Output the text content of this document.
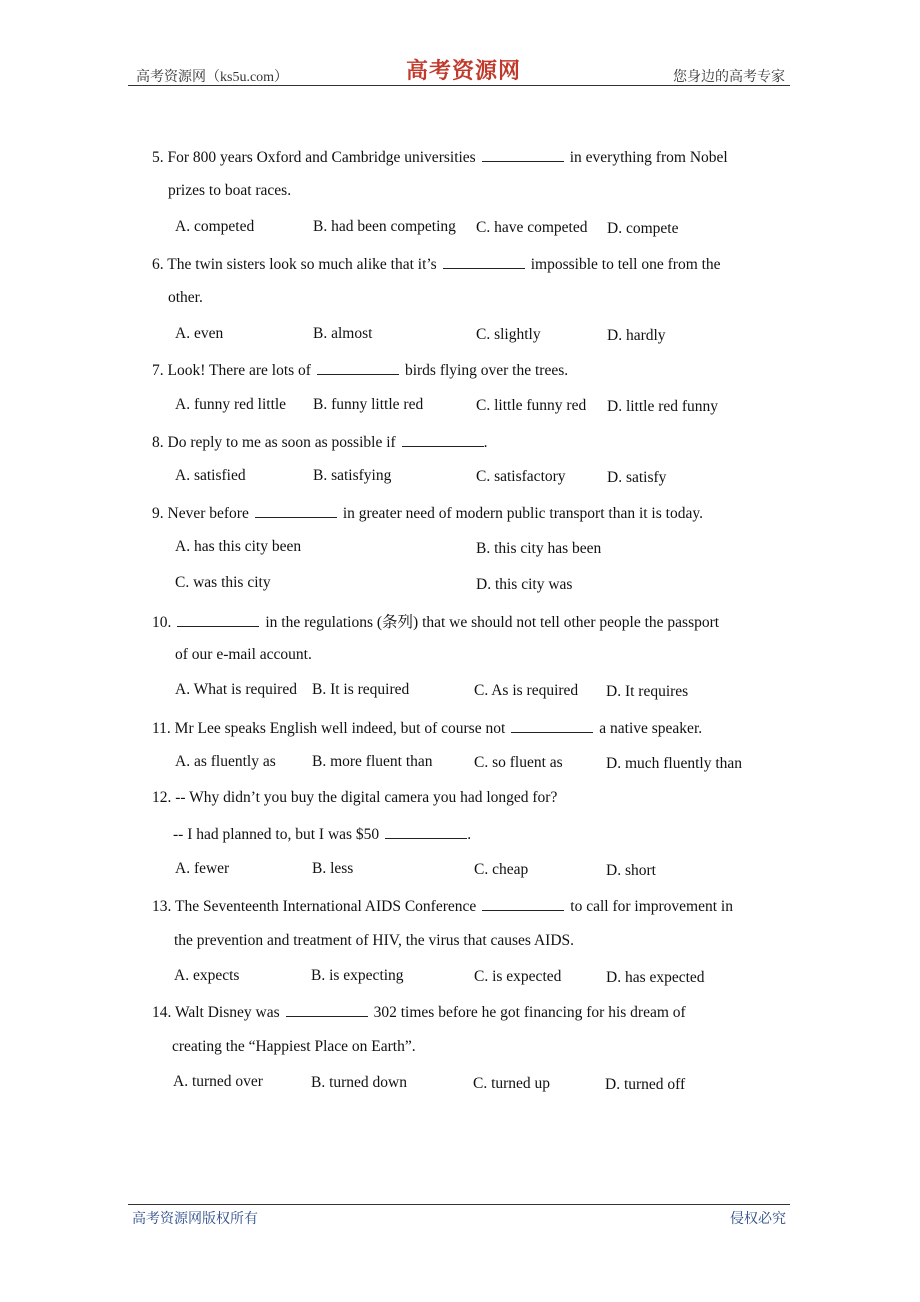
高考资源网（ks5u.com）	高考资源网	您身边的高考专家
5. For 800 years Oxford and Cambridge universities	in everything from Nobel
prizes to boat races.
A. competed	B. had been competing C. have competed D. compete
6. The twin sisters look so much alike that it’s	impossible to tell one from the
other.
A. even	B. almost	C. slightly	D. hardly
7. Look! There are lots of	birds flying over the trees.
A. funny red little B. funny little red	C. little funny red D. little red funny
8. Do reply to me as soon as possible if	.
A. satisfied	B. satisfying	C. satisfactory	D. satisfy
9. Never before	in greater need of modern public transport than it is today.
A. has this city been	B. this city has been
C. was this city	D. this city was
10.	in the regulations (条列) that we should not tell other people the passport
of our e-mail account.
A. What is required B. It is required	C. As is required D. It requires
11. Mr Lee speaks English well indeed, but of course not	a native speaker.
A. as fluently as B. more fluent than	C. so fluent as	D. much fluently than
12. -- Why didn’t you buy the digital camera you had longed for?
-- I had planned to, but I was $50	.
A. fewer	B. less	C. cheap	D. short
13. The Seventeenth International AIDS Conference	to call for improvement in
the prevention and treatment of HIV, the virus that causes AIDS.
A. expects	B. is expecting	C. is expected	D. has expected
14. Walt Disney was	302 times before he got financing for his dream of
creating the “Happiest Place on Earth”.
A. turned over	B. turned down	C. turned up	D. turned off
高考资源网版权所有	侵权必究
